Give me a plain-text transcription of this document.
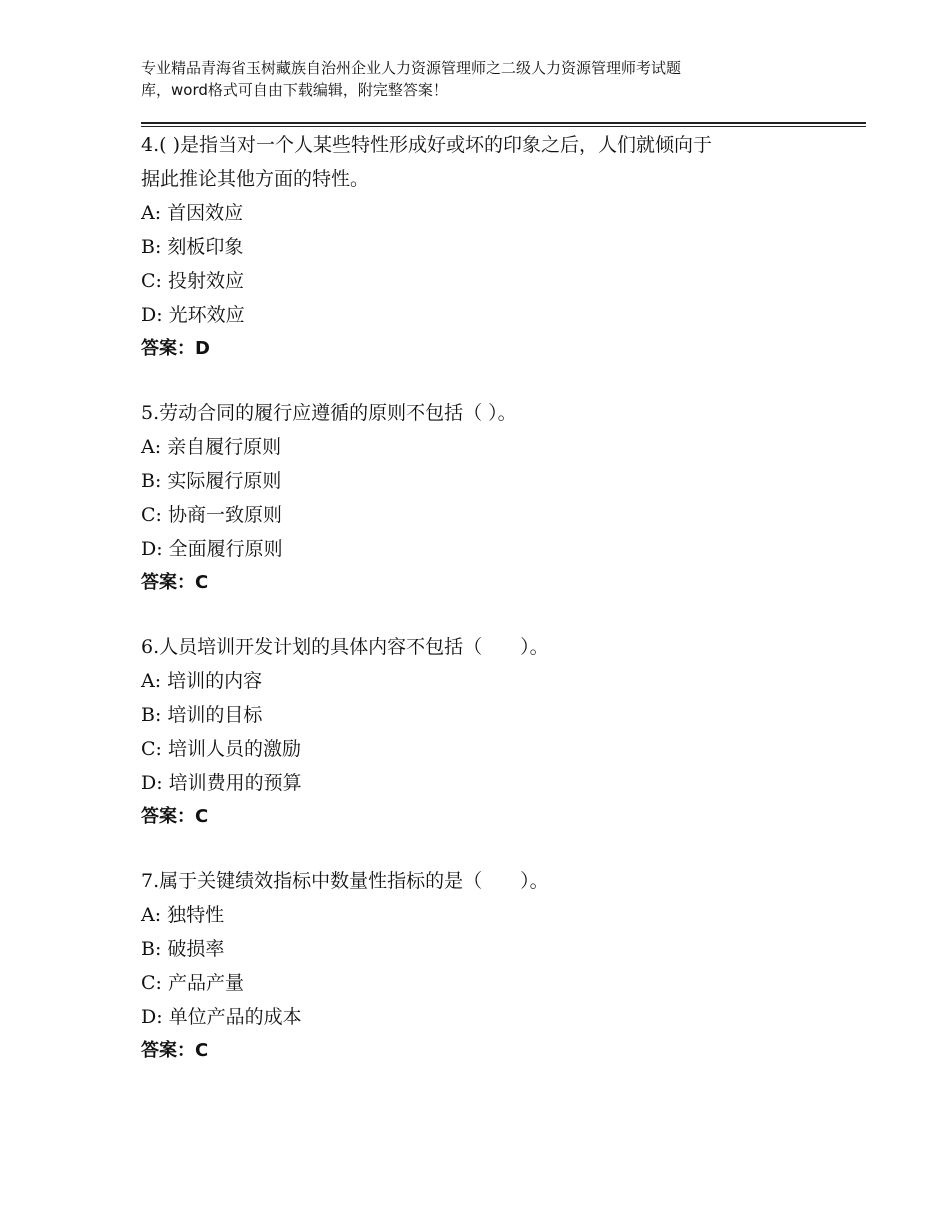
专业精品青海省玉树藏族自治州企业人力资源管理师之二级人力资源管理师考试题
库，word格式可自由下载编辑，附完整答案！

4.( )是指当对一个人某些特性形成好或坏的印象之后，人们就倾向于

据此推论其他方面的特性。

A: 首因效应

B: 刻板印象

C: 投射效应

D: 光环效应

答案：D

5.劳动合同的履行应遵循的原则不包括（ ）。

A: 亲自履行原则

B: 实际履行原则

C: 协商一致原则

D: 全面履行原则

答案：C

6.人员培训开发计划的具体内容不包括（　　）。

A: 培训的内容

B: 培训的目标

C: 培训人员的激励

D: 培训费用的预算

答案：C

7.属于关键绩效指标中数量性指标的是（　　）。

A: 独特性

B: 破损率

C: 产品产量

D: 单位产品的成本

答案：C
